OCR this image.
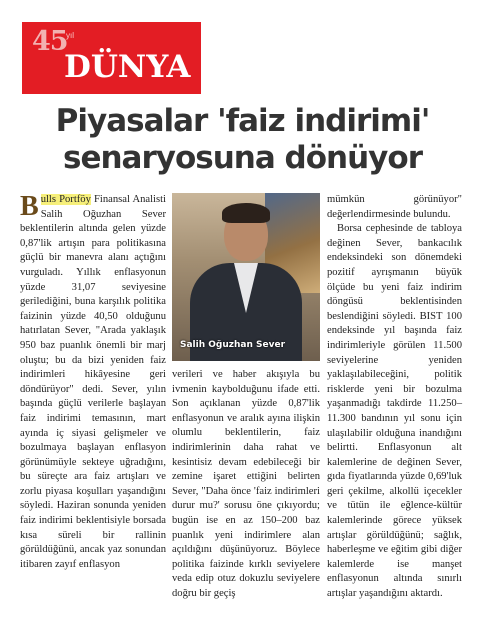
45
yıl
DÜNYA
Piyasalar 'faiz indirimi'
senaryosuna dönüyor

Bulls Portföy Finansal Analisti Salih Oğuzhan Sever beklentilerin altında gelen yüzde 0,87'lik artışın para politikasına güçlü bir manevra alanı açtığını vurguladı. Yıllık enflasyonun yüzde 31,07 seviyesine gerilediğini, buna karşılık politika faizinin yüzde 40,50 olduğunu hatırlatan Sever, "Arada yaklaşık 950 baz puanlık önemli bir marj oluştu; bu da bizi yeniden faiz indirimleri hikâyesine geri döndürüyor" dedi. Sever, yılın başında güçlü verilerle başlayan faiz indirimi temasının, mart ayında iç siyasi gelişmeler ve bozulmaya başlayan enflasyon görünümüyle sekteye uğradığını, bu süreçte ara faiz artışları ve zorlu piyasa koşulları yaşandığını söyledi. Haziran sonunda yeniden faiz indirimi beklentisiyle borsada kısa süreli bir rallinin görüldüğünü, ancak yaz sonundan itibaren zayıf enflasyon

Salih Oğuzhan Sever

verileri ve haber akışıyla bu ivmenin kaybolduğunu ifade etti. Son açıklanan yüzde 0,87'lik enflasyonun ve aralık ayına ilişkin olumlu beklentilerin, faiz indirimlerinin daha rahat ve kesintisiz devam edebileceği bir zemine işaret ettiğini belirten Sever, "Daha önce 'faiz indirimleri durur mu?' sorusu öne çıkıyordu; bugün ise en az 150–200 baz puanlık yeni indirimlere alan açıldığını düşünüyoruz. Böylece politika faizinde kırklı seviyelere veda edip otuz dokuzlu seviyelere doğru bir geçiş

mümkün görünüyor" değerlendirmesinde bulundu.

Borsa cephesinde de tabloya değinen Sever, bankacılık endeksindeki son dönemdeki pozitif ayrışmanın büyük ölçüde bu yeni faiz indirim döngüsü beklentisinden beslendiğini söyledi. BIST 100 endeksinde yıl başında faiz indirimleriyle görülen 11.500 seviyelerine yeniden yaklaşılabileceğini, politik risklerde yeni bir bozulma yaşanmadığı takdirde 11.250–11.300 bandının yıl sonu için ulaşılabilir olduğuna inandığını belirtti. Enflasyonun alt kalemlerine de değinen Sever, gıda fiyatlarında yüzde 0,69'luk geri çekilme, alkollü içecekler ve tütün ile eğlence-kültür kalemlerinde görece yüksek artışlar görüldüğünü; sağlık, haberleşme ve eğitim gibi diğer kalemlerde ise manşet enflasyonun altında sınırlı artışlar yaşandığını aktardı.
